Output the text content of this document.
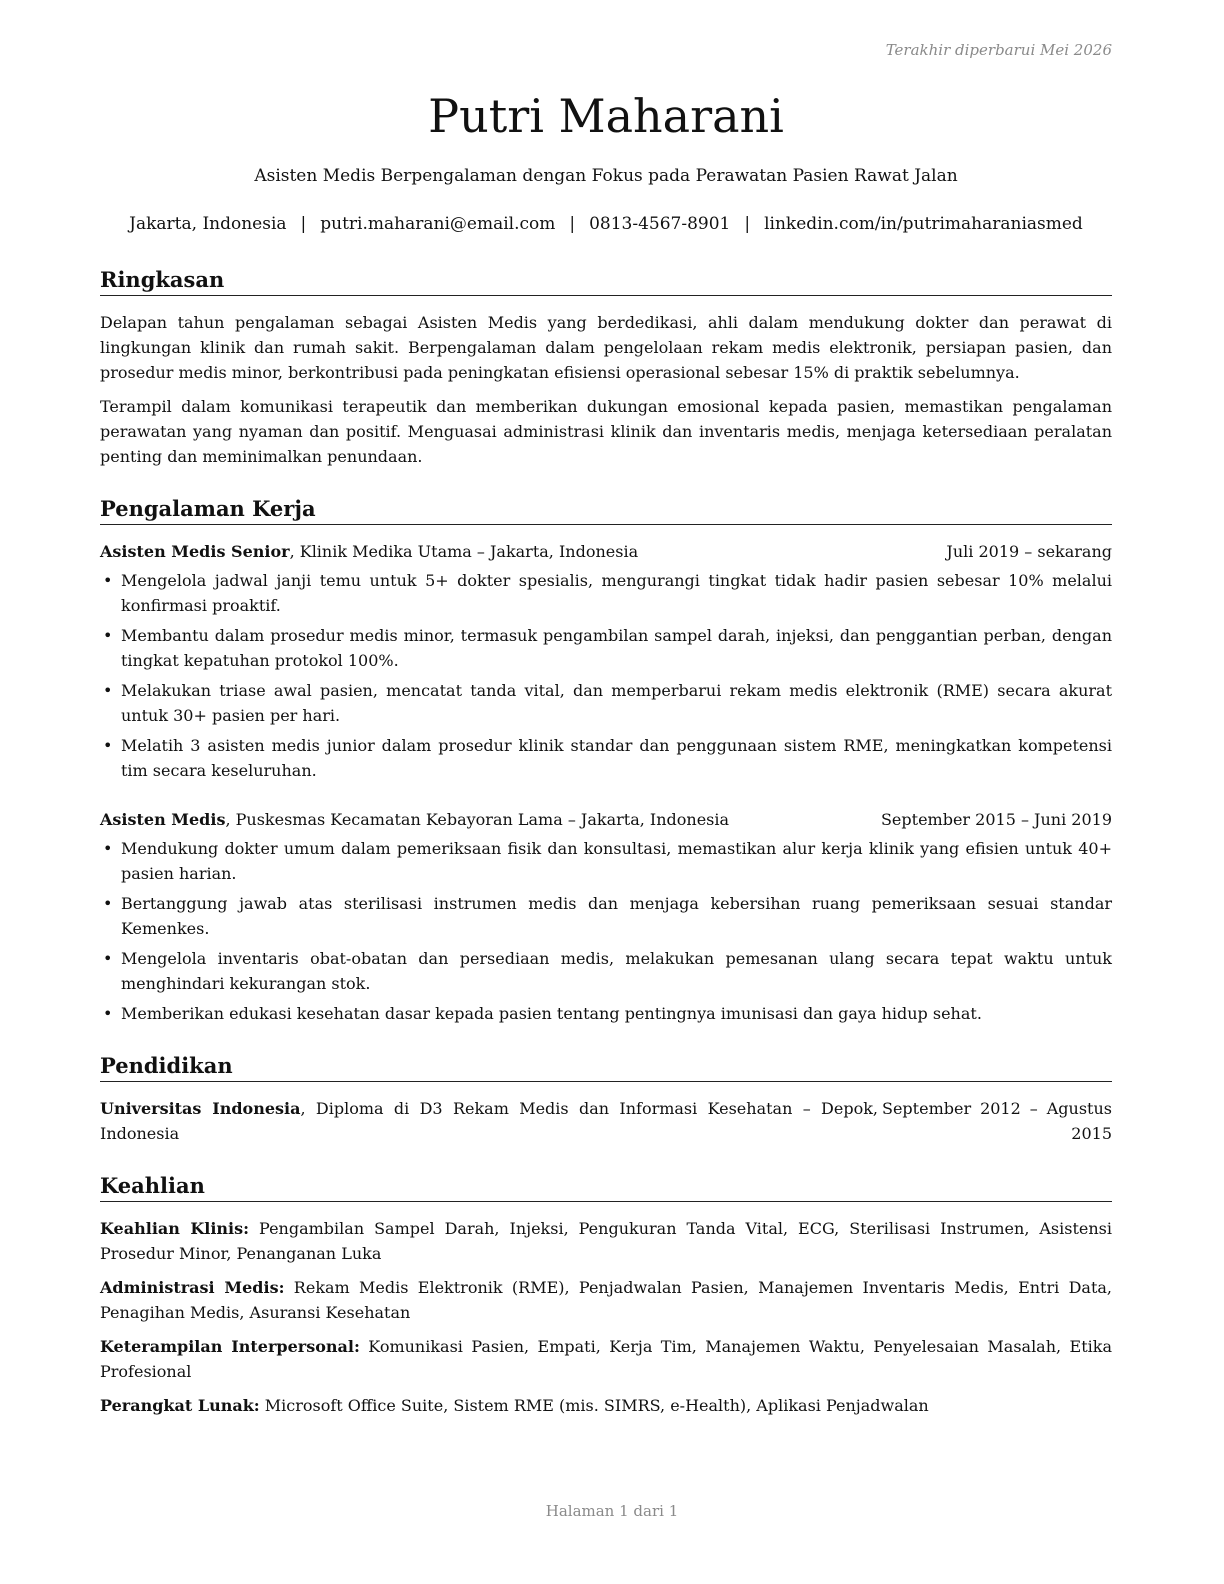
Terakhir diperbarui Mei 2026
Putri Maharani
Asisten Medis Berpengalaman dengan Fokus pada Perawatan Pasien Rawat Jalan
Jakarta, Indonesia | putri.maharani@email.com | 0813-4567-8901 | linkedin.com/in/putrimaharaniasmed
Ringkasan
Delapan tahun pengalaman sebagai Asisten Medis yang berdedikasi, ahli dalam mendukung dokter dan perawat di lingkungan klinik dan rumah sakit. Berpengalaman dalam pengelolaan rekam medis elektronik, persiapan pasien, dan prosedur medis minor, berkontribusi pada peningkatan efisiensi operasional sebesar 15% di praktik sebelumnya.
Terampil dalam komunikasi terapeutik dan memberikan dukungan emosional kepada pasien, memastikan pengalaman perawatan yang nyaman dan positif. Menguasai administrasi klinik dan inventaris medis, menjaga ketersediaan peralatan penting dan meminimalkan penundaan.
Pengalaman Kerja
Asisten Medis Senior, Klinik Medika Utama – Jakarta, Indonesia	Juli 2019 – sekarang
• Mengelola jadwal janji temu untuk 5+ dokter spesialis, mengurangi tingkat tidak hadir pasien sebesar 10% melalui konfirmasi proaktif.
• Membantu dalam prosedur medis minor, termasuk pengambilan sampel darah, injeksi, dan penggantian perban, dengan tingkat kepatuhan protokol 100%.
• Melakukan triase awal pasien, mencatat tanda vital, dan memperbarui rekam medis elektronik (RME) secara akurat untuk 30+ pasien per hari.
• Melatih 3 asisten medis junior dalam prosedur klinik standar dan penggunaan sistem RME, meningkatkan kompetensi tim secara keseluruhan.
Asisten Medis, Puskesmas Kecamatan Kebayoran Lama – Jakarta, Indonesia	September 2015 – Juni 2019
• Mendukung dokter umum dalam pemeriksaan fisik dan konsultasi, memastikan alur kerja klinik yang efisien untuk 40+ pasien harian.
• Bertanggung jawab atas sterilisasi instrumen medis dan menjaga kebersihan ruang pemeriksaan sesuai standar Kemenkes.
• Mengelola inventaris obat-obatan dan persediaan medis, melakukan pemesanan ulang secara tepat waktu untuk menghindari kekurangan stok.
• Memberikan edukasi kesehatan dasar kepada pasien tentang pentingnya imunisasi dan gaya hidup sehat.
Pendidikan
Universitas Indonesia, Diploma di D3 Rekam Medis dan Informasi Kesehatan – Depok, Indonesia
September 2012 – Agustus 2015
Keahlian
Keahlian Klinis: Pengambilan Sampel Darah, Injeksi, Pengukuran Tanda Vital, ECG, Sterilisasi Instrumen, Asistensi Prosedur Minor, Penanganan Luka
Administrasi Medis: Rekam Medis Elektronik (RME), Penjadwalan Pasien, Manajemen Inventaris Medis, Entri Data, Penagihan Medis, Asuransi Kesehatan
Keterampilan Interpersonal: Komunikasi Pasien, Empati, Kerja Tim, Manajemen Waktu, Penyelesaian Masalah, Etika Profesional
Perangkat Lunak: Microsoft Office Suite, Sistem RME (mis. SIMRS, e-Health), Aplikasi Penjadwalan
Halaman 1 dari 1
